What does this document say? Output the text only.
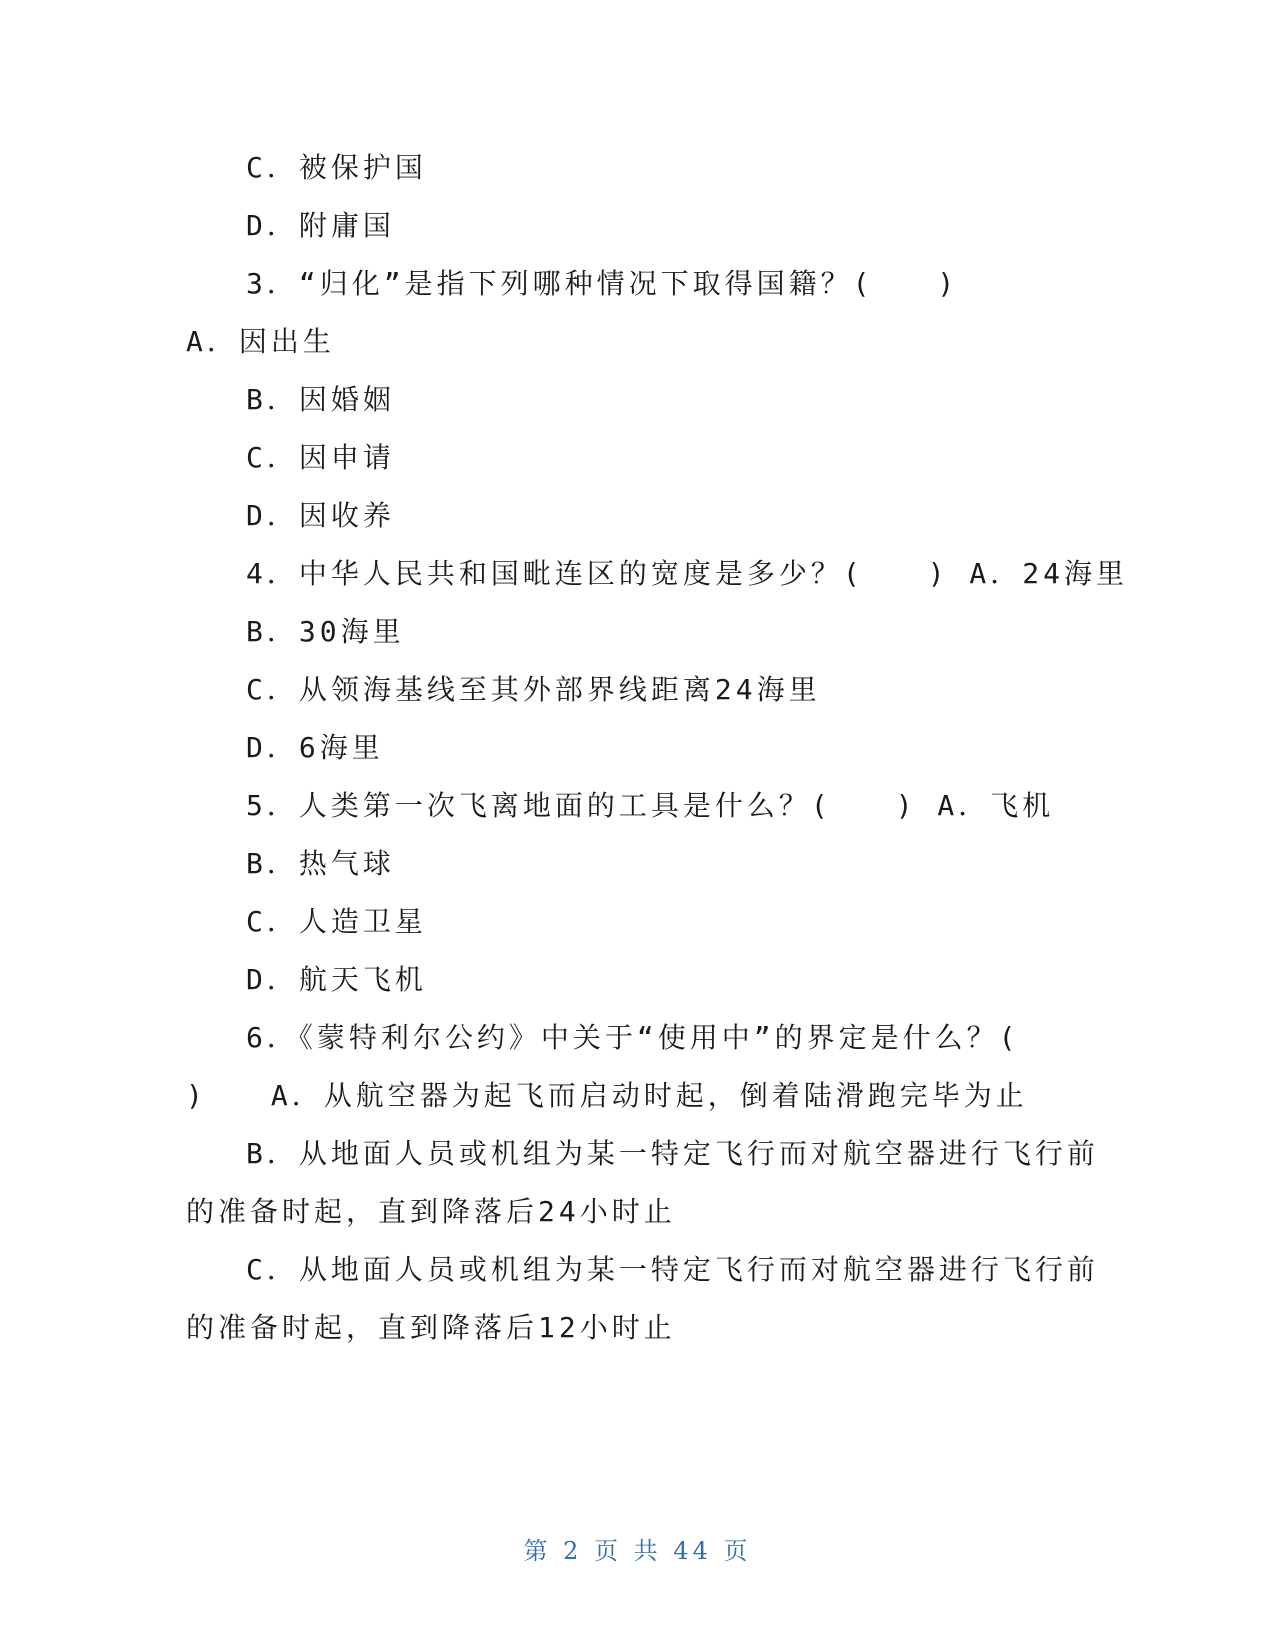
C．被保护国
D．附庸国
3．“归化”是指下列哪种情况下取得国籍？(　　)
A．因出生
B．因婚姻
C．因申请
D．因收养
4．中华人民共和国毗连区的宽度是多少？(　　) A．24海里
B．30海里
C．从领海基线至其外部界线距离24海里
D．6海里
5．人类第一次飞离地面的工具是什么？(　　) A．飞机
B．热气球
C．人造卫星
D．航天飞机
6．《蒙特利尔公约》中关于“使用中”的界定是什么？(
)　　A．从航空器为起飞而启动时起，倒着陆滑跑完毕为止
B．从地面人员或机组为某一特定飞行而对航空器进行飞行前
的准备时起，直到降落后24小时止
C．从地面人员或机组为某一特定飞行而对航空器进行飞行前
的准备时起，直到降落后12小时止
第 2 页 共 44 页
